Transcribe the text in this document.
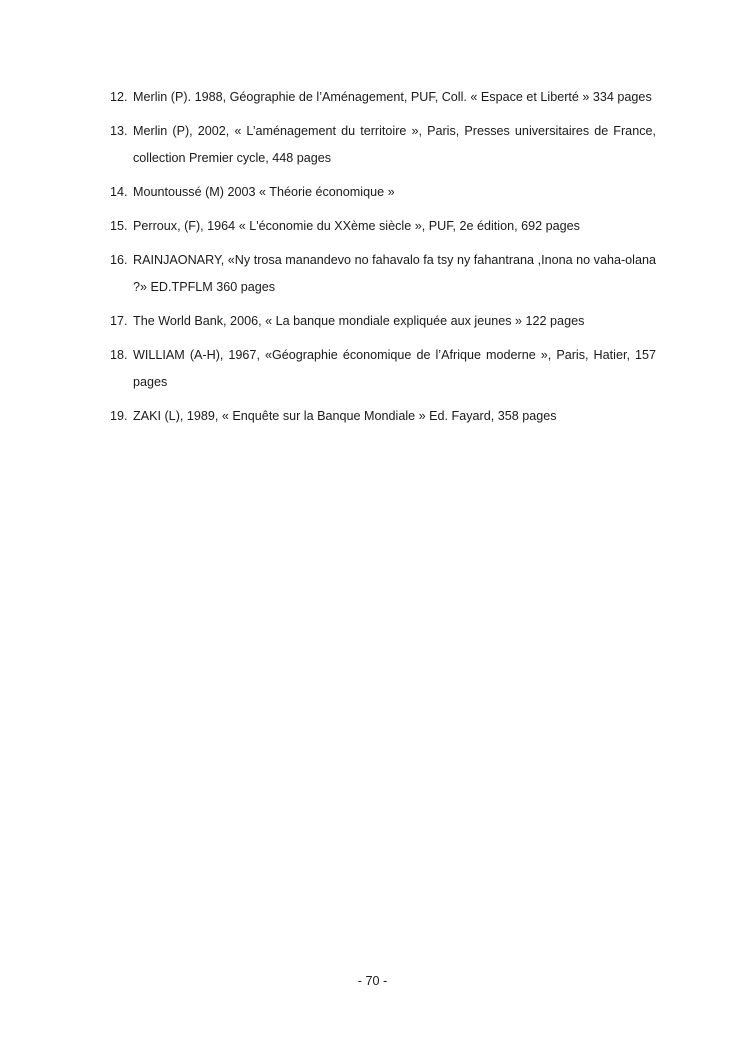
12. Merlin (P). 1988, Géographie de l’Aménagement, PUF, Coll. « Espace et Liberté » 334 pages
13. Merlin (P), 2002, « L’aménagement du territoire », Paris, Presses universitaires de France, collection Premier cycle, 448 pages
14. Mountoussé (M) 2003 « Théorie économique »
15. Perroux, (F), 1964 « L'économie du XXème siècle », PUF, 2e édition, 692 pages
16. RAINJAONARY, «Ny trosa manandevo no fahavalo fa tsy ny fahantrana ,Inona no vaha-olana ?» ED.TPFLM 360 pages
17. The World Bank, 2006, « La banque mondiale expliquée aux jeunes » 122 pages
18. WILLIAM (A-H), 1967, «Géographie économique de l’Afrique moderne », Paris, Hatier, 157 pages
19. ZAKI (L), 1989, « Enquête sur la Banque Mondiale » Ed. Fayard, 358 pages
- 70 -
